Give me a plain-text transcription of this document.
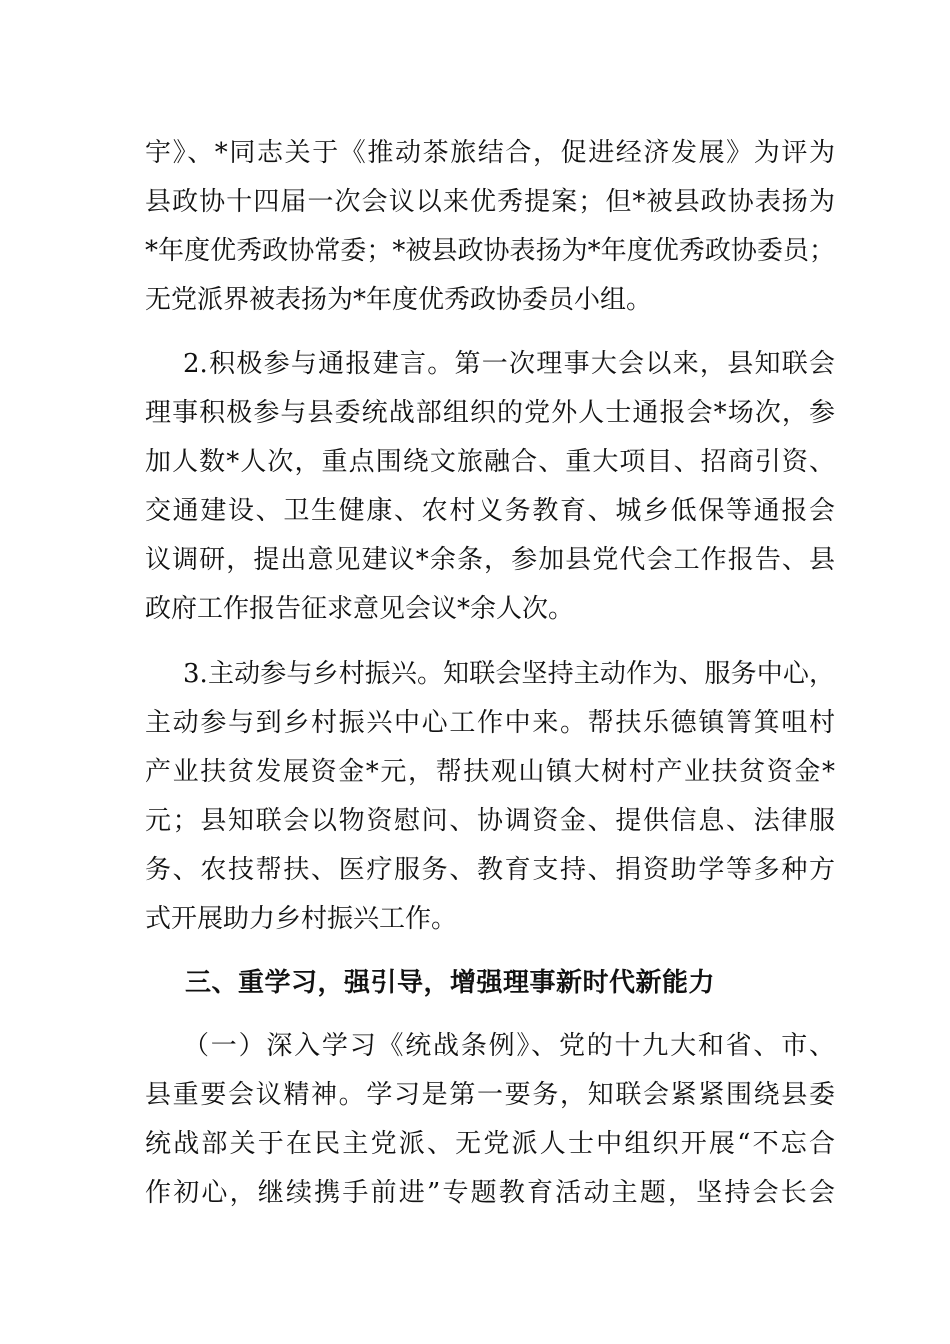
宇》、*同志关于《推动茶旅结合，促进经济发展》为评为
县政协十四届一次会议以来优秀提案；但*被县政协表扬为
*年度优秀政协常委；*被县政协表扬为*年度优秀政协委员；
无党派界被表扬为*年度优秀政协委员小组。
2.积极参与通报建言。第一次理事大会以来，县知联会
理事积极参与县委统战部组织的党外人士通报会*场次，参
加人数*人次，重点围绕文旅融合、重大项目、招商引资、
交通建设、卫生健康、农村义务教育、城乡低保等通报会
议调研，提出意见建议*余条，参加县党代会工作报告、县
政府工作报告征求意见会议*余人次。
3.主动参与乡村振兴。知联会坚持主动作为、服务中心，
主动参与到乡村振兴中心工作中来。帮扶乐德镇箐箕咀村
产业扶贫发展资金*元，帮扶观山镇大树村产业扶贫资金*
元；县知联会以物资慰问、协调资金、提供信息、法律服
务、农技帮扶、医疗服务、教育支持、捐资助学等多种方
式开展助力乡村振兴工作。
三、重学习，强引导，增强理事新时代新能力
（一）深入学习《统战条例》、党的十九大和省、市、
县重要会议精神。学习是第一要务，知联会紧紧围绕县委
统战部关于在民主党派、无党派人士中组织开展“不忘合
作初心，继续携手前进”专题教育活动主题，坚持会长会
